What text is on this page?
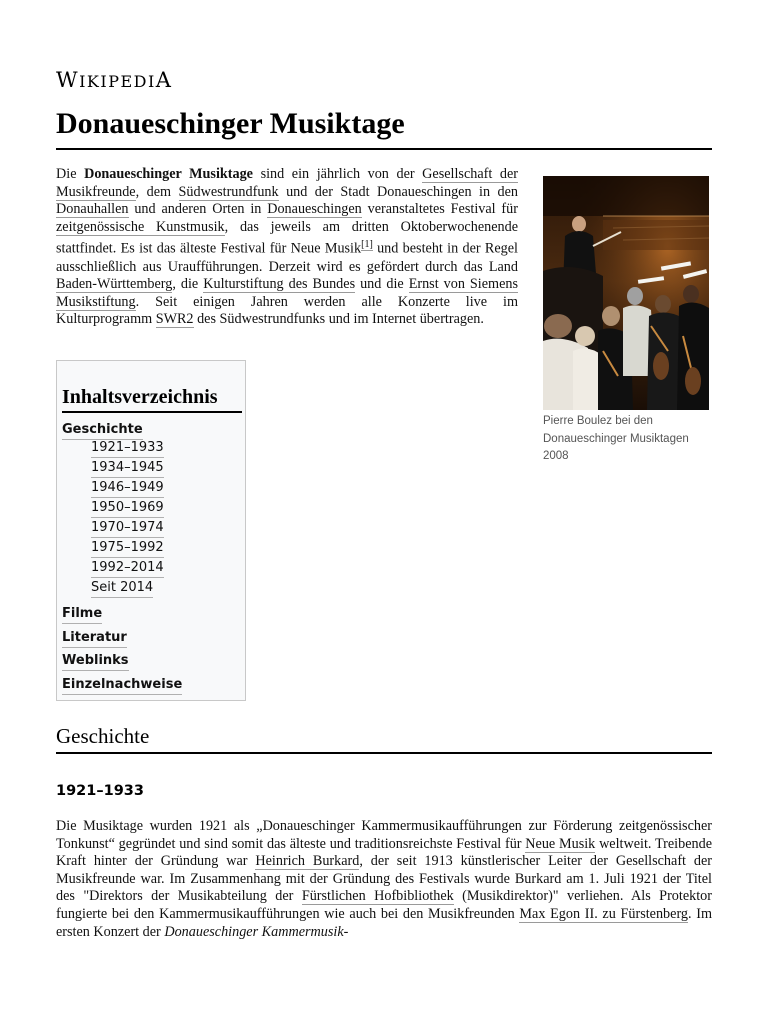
WIKIPEDIA
Donaueschinger Musiktage

Die Donaueschinger Musiktage sind ein jährlich von der Gesellschaft der Musikfreunde, dem Südwestrundfunk und der Stadt Donaueschingen in den Donauhallen und anderen Orten in Donaueschingen veranstaltetes Festival für zeitgenössische Kunstmusik, das jeweils am dritten Oktoberwochenende stattfindet. Es ist das älteste Festival für Neue Musik[1] und besteht in der Regel ausschließlich aus Uraufführungen. Derzeit wird es gefördert durch das Land Baden-Württemberg, die Kulturstiftung des Bundes und die Ernst von Siemens Musikstiftung. Seit einigen Jahren werden alle Konzerte live im Kulturprogramm SWR2 des Südwestrundfunks und im Internet übertragen.

Pierre Boulez bei den Donaueschinger Musiktagen 2008
Inhaltsverzeichnis
Geschichte
1921–1933
1934–1945
1946–1949
1950–1969
1970–1974
1975–1992
1992–2014
Seit 2014
Filme
Literatur
Weblinks
Einzelnachweise
Geschichte
1921–1933

Die Musiktage wurden 1921 als „Donaueschinger Kammermusikaufführungen zur Förderung zeitgenössischer Tonkunst“ gegründet und sind somit das älteste und traditionsreichste Festival für Neue Musik weltweit. Treibende Kraft hinter der Gründung war Heinrich Burkard, der seit 1913 künstlerischer Leiter der Gesellschaft der Musikfreunde war. Im Zusammenhang mit der Gründung des Festivals wurde Burkard am 1. Juli 1921 der Titel des "Direktors der Musikabteilung der Fürstlichen Hofbibliothek (Musikdirektor)" verliehen. Als Protektor fungierte bei den Kammermusikaufführungen wie auch bei den Musikfreunden Max Egon II. zu Fürstenberg. Im ersten Konzert der Donaueschinger Kammermusik-
